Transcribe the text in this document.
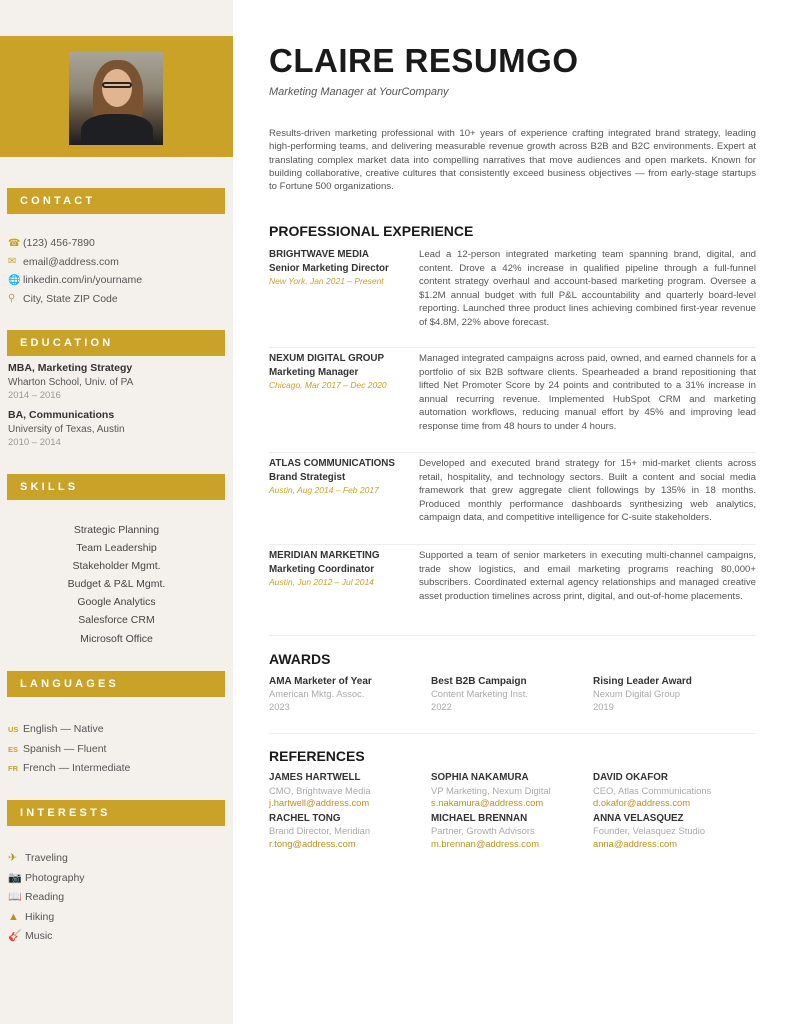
CONTACT
☎ (123) 456-7890
✉ email@address.com
🌐 linkedin.com/in/yourname
⚲ City, State ZIP Code
EDUCATION
MBA, Marketing Strategy
Wharton School, Univ. of PA
2014 – 2016
BA, Communications
University of Texas, Austin
2010 – 2014
SKILLS
Strategic Planning
Team Leadership
Stakeholder Mgmt.
Budget & P&L Mgmt.
Google Analytics
Salesforce CRM
Microsoft Office
LANGUAGES
US English — Native
ES Spanish — Fluent
FR French — Intermediate
INTERESTS
✈ Traveling
📷 Photography
📖 Reading
▲ Hiking
🎸 Music
CLAIRE RESUMGO
Marketing Manager at YourCompany
Results-driven marketing professional with 10+ years of experience crafting integrated brand strategy, leading high-performing teams, and delivering measurable revenue growth across B2B and B2C environments. Expert at translating complex market data into compelling narratives that move audiences and open markets. Known for building collaborative, creative cultures that consistently exceed business objectives — from early-stage startups to Fortune 500 organizations.
PROFESSIONAL EXPERIENCE
BRIGHTWAVE MEDIA
Senior Marketing Director
New York, Jan 2021 – Present
Lead a 12-person integrated marketing team spanning brand, digital, and content. Drove a 42% increase in qualified pipeline through a full-funnel content strategy overhaul and account-based marketing program. Oversee a $1.2M annual budget with full P&L accountability and quarterly board-level reporting. Launched three product lines achieving combined first-year revenue of $4.8M, 22% above forecast.
NEXUM DIGITAL GROUP
Marketing Manager
Chicago, Mar 2017 – Dec 2020
Managed integrated campaigns across paid, owned, and earned channels for a portfolio of six B2B software clients. Spearheaded a brand repositioning that lifted Net Promoter Score by 24 points and contributed to a 31% increase in annual recurring revenue. Implemented HubSpot CRM and marketing automation workflows, reducing manual effort by 45% and improving lead response time from 48 hours to under 4 hours.
ATLAS COMMUNICATIONS
Brand Strategist
Austin, Aug 2014 – Feb 2017
Developed and executed brand strategy for 15+ mid-market clients across retail, hospitality, and technology sectors. Built a content and social media framework that grew aggregate client followings by 135% in 18 months. Produced monthly performance dashboards synthesizing web analytics, campaign data, and competitive intelligence for C-suite stakeholders.
MERIDIAN MARKETING
Marketing Coordinator
Austin, Jun 2012 – Jul 2014
Supported a team of senior marketers in executing multi-channel campaigns, trade show logistics, and email marketing programs reaching 80,000+ subscribers. Coordinated external agency relationships and managed creative asset production timelines across print, digital, and out-of-home placements.
AWARDS
AMA Marketer of Year
American Mktg. Assoc.
2023
Best B2B Campaign
Content Marketing Inst.
2022
Rising Leader Award
Nexum Digital Group
2019
REFERENCES
JAMES HARTWELL
CMO, Brightwave Media
j.hartwell@address.com
SOPHIA NAKAMURA
VP Marketing, Nexum Digital
s.nakamura@address.com
DAVID OKAFOR
CEO, Atlas Communications
d.okafor@address.com
RACHEL TONG
Brand Director, Meridian
r.tong@address.com
MICHAEL BRENNAN
Partner, Growth Advisors
m.brennan@address.com
ANNA VELASQUEZ
Founder, Velasquez Studio
anna@address.com
